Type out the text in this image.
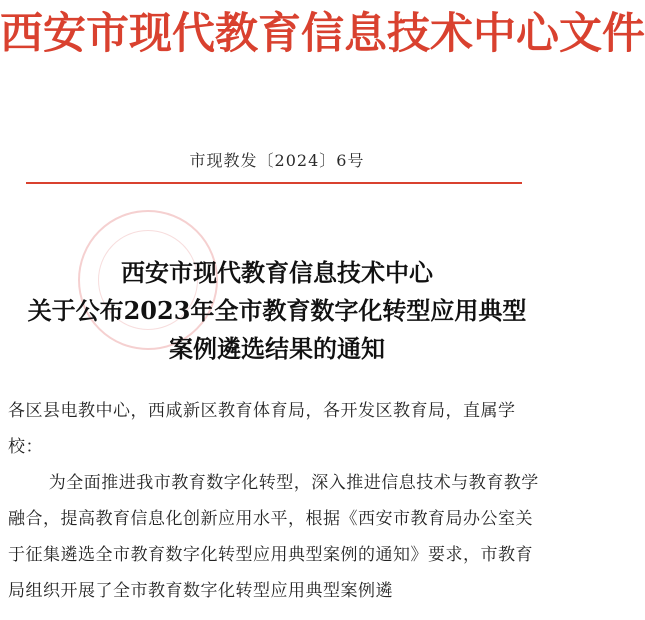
西安市现代教育信息技术中心文件
市现教发〔2024〕6号
西安市现代教育信息技术中心
关于公布2023年全市教育数字化转型应用典型
案例遴选结果的通知

各区县电教中心，西咸新区教育体育局，各开发区教育局，直属学校：

为全面推进我市教育数字化转型，深入推进信息技术与教育教学融合，提高教育信息化创新应用水平，根据《西安市教育局办公室关于征集遴选全市教育数字化转型应用典型案例的通知》要求，市教育局组织开展了全市教育数字化转型应用典型案例遴
